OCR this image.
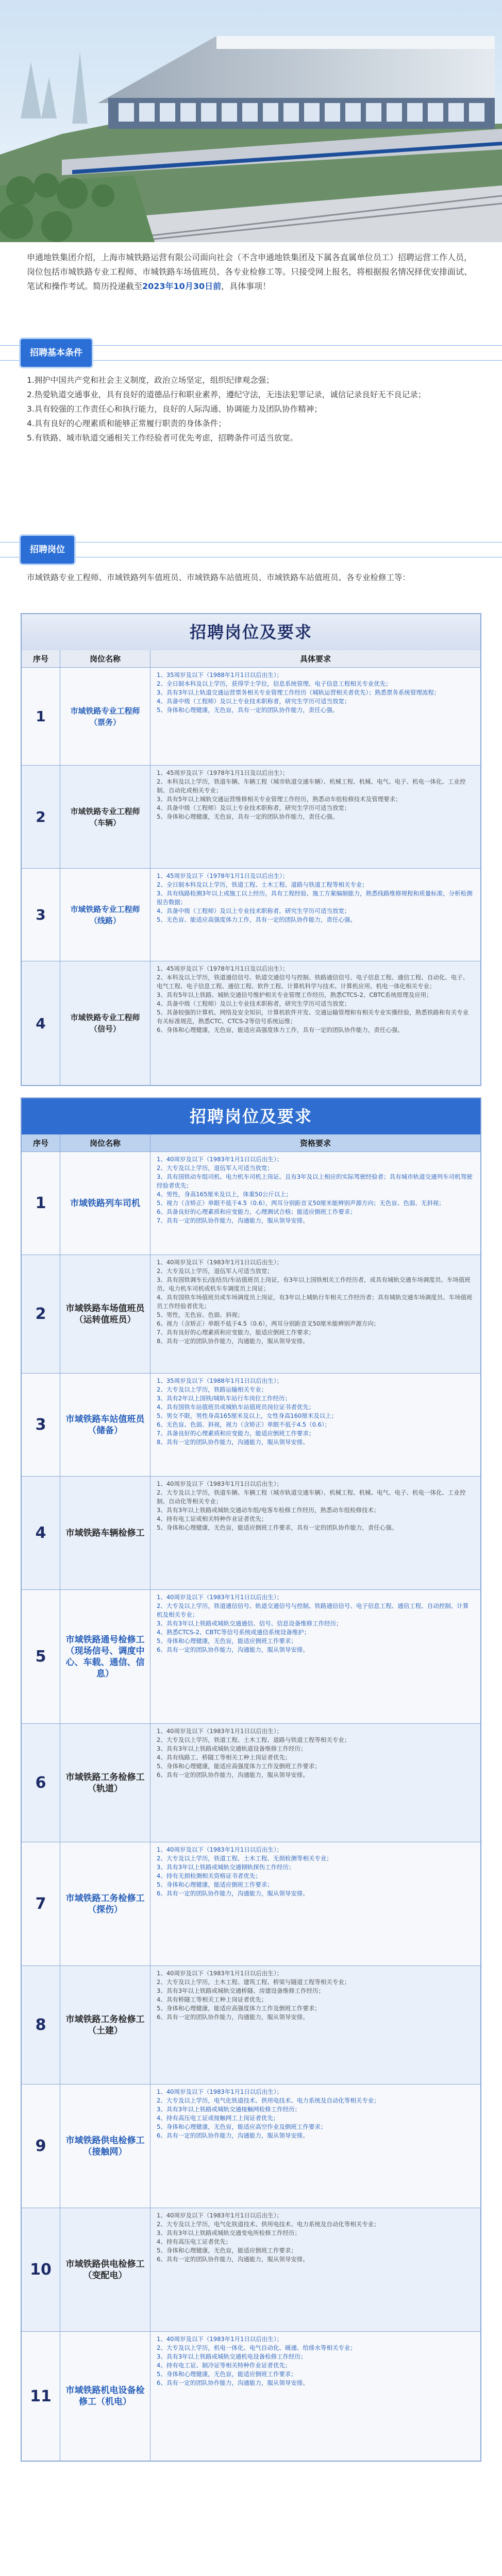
申通地铁集团介绍，上海市城铁路运营有限公司面向社会（不含申通地铁集团及下属各直属单位员工）招聘运营工作人员，岗位包括市城铁路专业工程师、市城铁路车场值班员、各专业检修工等。只接受网上报名，将根据报名情况择优安排面试、笔试和操作考试。简历投递截至2023年10月30日前，具体事项！
招聘基本条件

1.拥护中国共产党和社会主义制度，政治立场坚定，组织纪律观念强；

2.热爱轨道交通事业，具有良好的道德品行和职业素养，遵纪守法，无违法犯罪记录，诚信记录良好无不良记录；

3.具有较强的工作责任心和执行能力，良好的人际沟通、协调能力及团队协作精神；

4.具有良好的心理素质和能够正常履行职责的身体条件；

5.有铁路、城市轨道交通相关工作经验者可优先考虑，招聘条件可适当放宽。

招聘岗位
市域铁路专业工程师、市域铁路列车值班员、市域铁路车站值班员、市域铁路车站值班员、各专业检修工等：
招聘岗位及要求
序号	岗位名称	具体要求
1	市域铁路专业工程师（票务）

1、35周岁及以下（1988年1月1日以后出生）；

2、全日制本科及以上学历，获得学士学位，信息系统管理、电子信息工程相关专业优先；

3、具有3年以上轨道交通运营票务相关专业管理工作经历（城轨运营相关者优先）；熟悉票务系统管理流程；

4、具备中级（工程师）及以上专业技术职称者，研究生学历可适当放宽；

5、身体和心理健康，无色盲，具有一定的团队协作能力，责任心强。

2	市域铁路专业工程师（车辆）

1、45周岁及以下（1978年1月1日及以后出生）；

2、本科及以上学历，铁道车辆、车辆工程（城市轨道交通车辆）、机械工程、机械、电气、电子、机电一体化、工业控制、自动化或相关专业；

3、具有5年以上城轨交通运营维修相关专业管理工作经历，熟悉动车组检修技术及管理要求；

4、具备中级（工程师）及以上专业技术职称者，研究生学历可适当放宽；

5、身体和心理健康，无色盲，具有一定的团队协作能力，责任心强。

3	市域铁路专业工程师（线路）

1、45周岁及以下（1978年1月1日及以后出生）；

2、全日制本科及以上学历，铁道工程、土木工程、道路与铁道工程等相关专业；

3、具有线路检测3年以上或施工以上经历，具有工程经验、施工方案编制能力，熟悉线路维修规程和质量标准，分析检测报告数据；

4、具备中级（工程师）及以上专业技术职称者，研究生学历可适当放宽；

5、无色盲、能适应高强度体力工作，具有一定的团队协作能力，责任心强。

4	市域铁路专业工程师（信号）

1、45周岁及以下（1978年1月1日及以后出生）；

2、本科及以上学历，铁道通信信号、轨道交通信号与控制、铁路通信信号、电子信息工程、通信工程、自动化、电子、电气工程、电子信息工程、通信工程、软件工程、计算机科学与技术、计算机应用、机电一体化相关专业；

3、具有5年以上铁路、城轨交通信号维护相关专业管理工作经历，熟悉CTCS-2、CBTC系统原理及应用；

4、具备中级（工程师）及以上专业技术职称者，研究生学历可适当放宽；

5、具备较强的计算机、网络及安全知识，计算机软件开发、交通运输管理和有相关专业实操经验，熟悉铁路和有关专业有关标准规范，熟悉CTC、CTCS-2等信号系统运维；

6、身体和心理健康，无色盲，能适应高强度体力工作，具有一定的团队协作能力，责任心强。

招聘岗位及要求
序号	岗位名称	资格要求
1	市域铁路列车司机

1、40周岁及以下（1983年1月1日以后出生）；

2、大专及以上学历，退伍军人可适当放宽；

3、具有国铁动车组司机、电力机车司机上岗证、且有3年及以上相应的实际驾驶经验者；具有城市轨道交通列车司机驾驶经验者优先；

4、男性，身高165厘米及以上，体重50公斤以上；

5、视力（含矫正）单眼不低于4.5（0.6），两耳分别距音叉50厘米能辨别声源方向；无色盲、色弱、无斜视；

6、具备良好的心理素质和应变能力，心理测试合格；能适应倒班工作要求；

7、具有一定的团队协作能力，沟通能力，服从领导安排。

2	市域铁路车场值班员（运转值班员）

1、40周岁及以下（1983年1月1日以后出生）；

2、大专及以上学历，退伍军人可适当放宽；

3、具有国铁调车长/连结员/车站值班员上岗证，有3年以上国铁相关工作经历者，或具有城轨交通车场调度员、车场值班员、电力机车司机或机车车调度员上岗证；

4、具有国铁车场值班员或车场调度员上岗证，有3年以上城轨行车相关工作经历者；具有城轨交通车场调度员、车场值班员工作经验者优先；

5、男性，无色盲、色弱、斜视；

6、视力（含矫正）单眼不低于4.5（0.6），两耳分别距音叉50厘米能辨别声源方向；

7、具有良好的心理素质和应变能力，能适应倒班工作要求；

8、具有一定的团队协作能力，沟通能力，服从领导安排。

3	市域铁路车站值班员（储备）

1、35周岁及以下（1988年1月1日以后出生）；

2、大专及以上学历，铁路运输相关专业；

3、具有2年以上国铁/城轨车站行车岗位工作经历；

4、具有国铁车站值班员或城轨车站值班员岗位证书者优先；

5、男女不限，男性身高165厘米及以上，女性身高160厘米及以上；

6、无色盲、色弱、斜视，视力（含矫正）单眼不低于4.5（0.6）；

7、具备良好的心理素质和应变能力，能适应倒班工作要求；

8、具有一定的团队协作能力，沟通能力，服从领导安排。

4	市域铁路车辆检修工

1、40周岁及以下（1983年1月1日以后出生）；

2、大专及以上学历，铁道车辆、车辆工程（城市轨道交通车辆）、机械工程、机械、电气、电子、机电一体化、工业控制、自动化等相关专业；

3、具有3年以上铁路或城轨交通动车组/电客车检修工作经历，熟悉动车组检修技术；

4、持有电工证或相关特种作业证者优先；

5、身体和心理健康，无色盲，能适应倒班工作要求，具有一定的团队协作能力，责任心强。

5
市域铁路通号检修工（现场信号、调度中心、车载、通信、信息）

1、40周岁及以下（1983年1月1日以后出生）；

2、大专及以上学历，铁道通信信号、轨道交通信号与控制、铁路通信信号、电子信息工程、通信工程、自动控制、计算机及相关专业；

3、具有3年以上铁路或城轨交通通信、信号、信息设备维修工作经历；

4、熟悉CTCS-2、CBTC等信号系统或通信系统设备维护；

5、身体和心理健康，无色盲，能适应倒班工作要求；

6、具有一定的团队协作能力，沟通能力，服从领导安排。

6	市域铁路工务检修工（轨道）

1、40周岁及以下（1983年1月1日以后出生）；

2、大专及以上学历，铁道工程、土木工程、道路与铁道工程等相关专业；

3、具有3年以上铁路或城轨交通轨道设备维修工作经历；

4、具有线路工、桥隧工等相关工种上岗证者优先；

5、身体和心理健康，能适应高强度体力工作及倒班工作要求；

6、具有一定的团队协作能力，沟通能力，服从领导安排。

7	市域铁路工务检修工（探伤）

1、40周岁及以下（1983年1月1日以后出生）；

2、大专及以上学历，铁道工程、土木工程、无损检测等相关专业；

3、具有3年以上铁路或城轨交通钢轨探伤工作经历；

4、持有无损检测相关资格证书者优先；

5、身体和心理健康，能适应倒班工作要求；

6、具有一定的团队协作能力，沟通能力，服从领导安排。

8	市域铁路工务检修工（土建）

1、40周岁及以下（1983年1月1日以后出生）；

2、大专及以上学历，土木工程、建筑工程、桥梁与隧道工程等相关专业；

3、具有3年以上铁路或城轨交通桥隧、房建设备维修工作经历；

4、具有桥隧工等相关工种上岗证者优先；

5、身体和心理健康，能适应高强度体力工作及倒班工作要求；

6、具有一定的团队协作能力，沟通能力，服从领导安排。

9	市域铁路供电检修工（接触网）

1、40周岁及以下（1983年1月1日以后出生）；

2、大专及以上学历，电气化铁道技术、供用电技术、电力系统及自动化等相关专业；

3、具有3年以上铁路或城轨交通接触网检修工作经历；

4、持有高压电工证或接触网工上岗证者优先；

5、身体和心理健康，无色盲，能适应高空作业及倒班工作要求；

6、具有一定的团队协作能力，沟通能力，服从领导安排。

10	市域铁路供电检修工（变配电）

1、40周岁及以下（1983年1月1日以后出生）；

2、大专及以上学历，电气化铁道技术、供用电技术、电力系统及自动化等相关专业；

3、具有3年以上铁路或城轨交通变电所检修工作经历；

4、持有高压电工证者优先；

5、身体和心理健康，无色盲，能适应倒班工作要求；

6、具有一定的团队协作能力，沟通能力，服从领导安排。

11	市域铁路机电设备检修工（机电）

1、40周岁及以下（1983年1月1日以后出生）；

2、大专及以上学历，机电一体化、电气自动化、暖通、给排水等相关专业；

3、具有3年以上铁路或城轨交通机电设备检修工作经历；

4、持有电工证、制冷证等相关特种作业证者优先；

5、身体和心理健康，无色盲，能适应倒班工作要求；

6、具有一定的团队协作能力，沟通能力，服从领导安排。
